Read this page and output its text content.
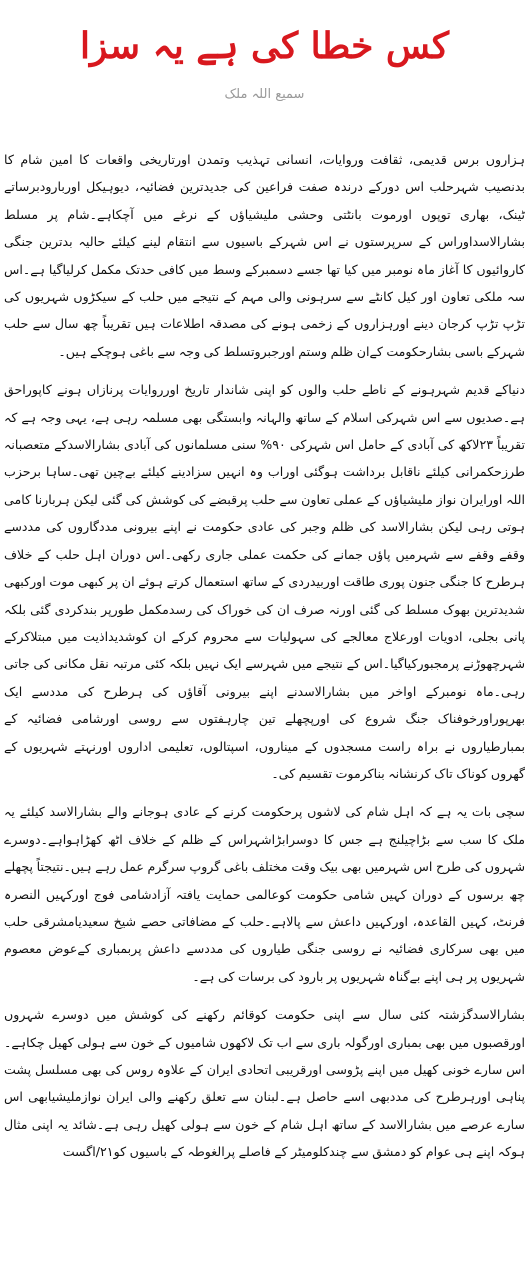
کس خطا کی ہے یہ سزا
سمیع اللہ ملک

ہزاروں برس قدیمی، ثقافت وروایات، انسانی تہذیب وتمدن اورتاریخی واقعات کا امین شام کا بدنصیب شہرحلب اس دورکے درندہ صفت فراعین کی جدیدترین فضائیہ، دیوہیکل اوربارودبرساتے ٹینک، بھاری توپوں اورموت بانٹتی وحشی ملیشیاؤں کے نرغے میں آچکاہے۔شام پر مسلط بشارالاسداوراس کے سرپرستوں نے اس شہرکے باسیوں سے انتقام لینے کیلئے حالیہ بدترین جنگی کاروائیوں کا آغاز ماہ نومبر میں کیا تھا جسے دسمبرکے وسط میں کافی حدتک مکمل کرلیاگیا ہے۔اس سہ ملکی تعاون اور کیل کانٹے سے سرہونی والی مہم کے نتیجے میں حلب کے سیکڑوں شہریوں کی تڑپ تڑپ کرجان دینے اورہزاروں کے زخمی ہونے کی مصدقہ اطلاعات ہیں تقریباً چھ سال سے حلب شہرکے باسی بشارحکومت کےان ظلم وستم اورجبروتسلط کی وجہ سے باغی ہوچکے ہیں۔

دنیاکے قدیم شہرہونے کے ناطے حلب والوں کو اپنی شاندار تاریخ اورروایات پرنازاں ہونے کاپوراحق ہے۔صدیوں سے اس شہرکی اسلام کے ساتھ والہانہ وابستگی بھی مسلمہ رہی ہے، یہی وجہ ہے کہ تقریباً ۲۳لاکھ کی آبادی کے حامل اس شہرکی ۹۰% سنی مسلمانوں کی آبادی بشارالاسدکے متعصبانہ طرزحکمرانی کیلئے ناقابل برداشت ہوگئی اوراب وہ انہیں سزادینے کیلئے بےچین تھی۔ساہا برحزب اللہ اورایران نواز ملیشیاؤں کے عملی تعاون سے حلب پرقبضے کی کوشش کی گئی لیکن ہربارنا کامی ہوتی رہی لیکن بشارالاسد کی ظلم وجبر کی عادی حکومت نے اپنے بیرونی مددگاروں کی مددسے وقفے وقفے سے شہرمیں پاؤں جمانے کی حکمت عملی جاری رکھی۔اس دوران اہل حلب کے خلاف ہرطرح کا جنگی جنون پوری طاقت اوربیدردی کے ساتھ استعمال کرتے ہوئے ان پر کبھی موت اورکبھی شدیدترین بھوک مسلط کی گئی اورنہ صرف ان کی خوراک کی رسدمکمل طورپر بندکردی گئی بلکہ پانی بجلی، ادویات اورعلاج معالجے کی سہولیات سے محروم کرکے ان کوشدیداذیت میں مبتلاکرکے شہرچھوڑنے پرمجبورکیاگیا۔اس کے نتیجے میں شہرسے ایک نہیں بلکہ کئی مرتبہ نقل مکانی کی جاتی رہی۔ماہ نومبرکے اواخر میں بشارالاسدنے اپنے بیرونی آقاؤں کی ہرطرح کی مددسے ایک بھرپوراورخوفناک جنگ شروع کی اورپچھلے تین چارہفتوں سے روسی اورشامی فضائیہ کے بمبارطیاروں نے براہ راست مسجدوں کے میناروں، اسپتالوں، تعلیمی اداروں اورنہتے شہریوں کے گھروں کوناک تاک کرنشانہ بناکرموت تقسیم کی۔

سچی بات یہ ہے کہ اہل شام کی لاشوں پرحکومت کرنے کے عادی ہوجانے والے بشارالاسد کیلئے یہ ملک کا سب سے بڑاچیلنج ہے جس کا دوسرابڑاشہراس کے ظلم کے خلاف اٹھ کھڑاہواہے۔دوسرے شہروں کی طرح اس شہرمیں بھی بیک وقت مختلف باغی گروپ سرگرم عمل رہے ہیں۔نتیجتاً پچھلے چھ برسوں کے دوران کہیں شامی حکومت کوعالمی حمایت یافتہ آزادشامی فوج اورکہیں النصرہ فرنٹ، کہیں القاعدہ، اورکہیں داعش سے پالاہے۔حلب کے مضافاتی حصے شیخ سعیدیامشرقی حلب میں بھی سرکاری فضائیہ نے روسی جنگی طیاروں کی مددسے داعش پربمباری کےعوض معصوم شہریوں پر ہی اپنے بےگناہ شہریوں پر بارود کی برسات کی ہے۔

بشارالاسدگزشتہ کئی سال سے اپنی حکومت کوقائم رکھنے کی کوشش میں دوسرے شہروں اورقصبوں میں بھی بمباری اورگولہ باری سے اب تک لاکھوں شامیوں کے خون سے ہولی کھیل چکاہے۔اس سارے خونی کھیل میں اپنے پڑوسی اورقریبی اتحادی ایران کے علاوہ روس کی بھی مسلسل پشت پناہی اورہرطرح کی مددبھی اسے حاصل ہے۔لبنان سے تعلق رکھنے والی ایران نوازملیشیابھی اس سارے عرصے میں بشارالاسد کے ساتھ اہل شام کے خون سے ہولی کھیل رہی ہے۔شائد یہ اپنی مثال ہوکہ اپنے ہی عوام کو دمشق سے چندکلومیٹر کے فاصلے پرالغوطہ کے باسیوں کو۲۱/اگست
